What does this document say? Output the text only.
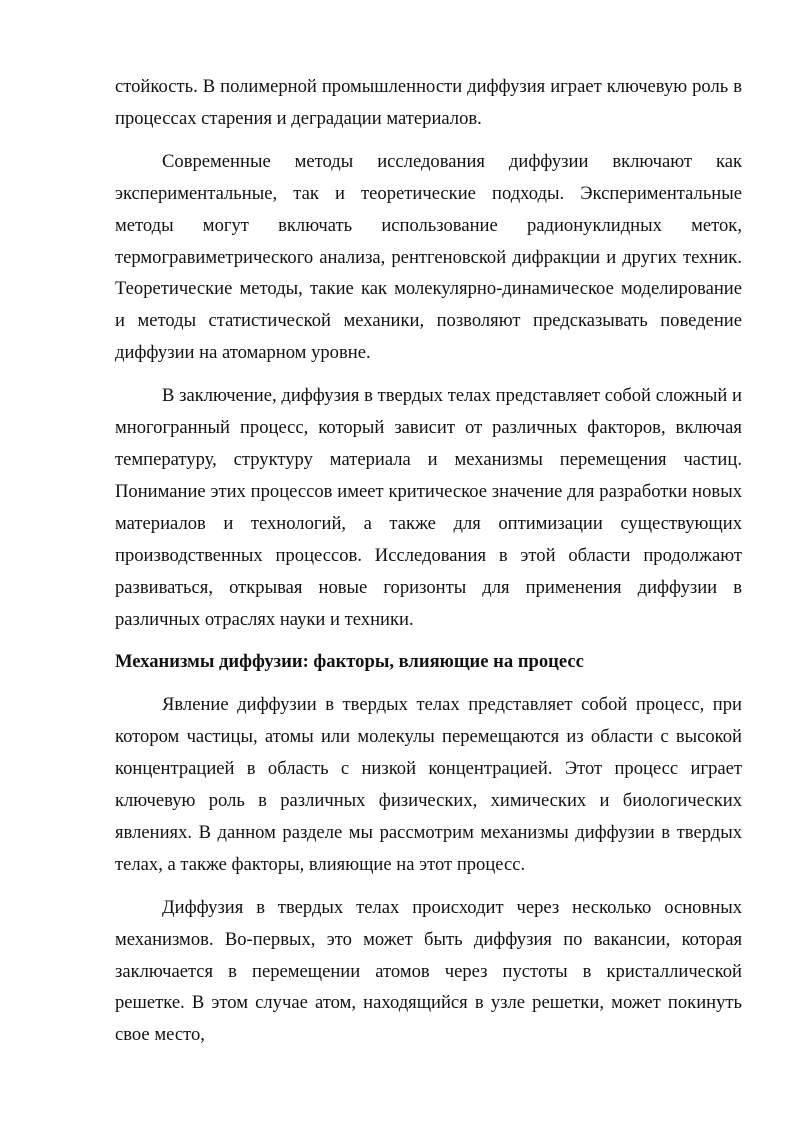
стойкость. В полимерной промышленности диффузия играет ключевую роль в процессах старения и деградации материалов.

Современные методы исследования диффузии включают как экспериментальные, так и теоретические подходы. Экспериментальные методы могут включать использование радионуклидных меток, термогравиметрического анализа, рентгеновской дифракции и других техник. Теоретические методы, такие как молекулярно-динамическое моделирование и методы статистической механики, позволяют предсказывать поведение диффузии на атомарном уровне.

В заключение, диффузия в твердых телах представляет собой сложный и многогранный процесс, который зависит от различных факторов, включая температуру, структуру материала и механизмы перемещения частиц. Понимание этих процессов имеет критическое значение для разработки новых материалов и технологий, а также для оптимизации существующих производственных процессов. Исследования в этой области продолжают развиваться, открывая новые горизонты для применения диффузии в различных отраслях науки и техники.

Механизмы диффузии: факторы, влияющие на процесс

Явление диффузии в твердых телах представляет собой процесс, при котором частицы, атомы или молекулы перемещаются из области с высокой концентрацией в область с низкой концентрацией. Этот процесс играет ключевую роль в различных физических, химических и биологических явлениях. В данном разделе мы рассмотрим механизмы диффузии в твердых телах, а также факторы, влияющие на этот процесс.

Диффузия в твердых телах происходит через несколько основных механизмов. Во-первых, это может быть диффузия по вакансии, которая заключается в перемещении атомов через пустоты в кристаллической решетке. В этом случае атом, находящийся в узле решетки, может покинуть свое место,
